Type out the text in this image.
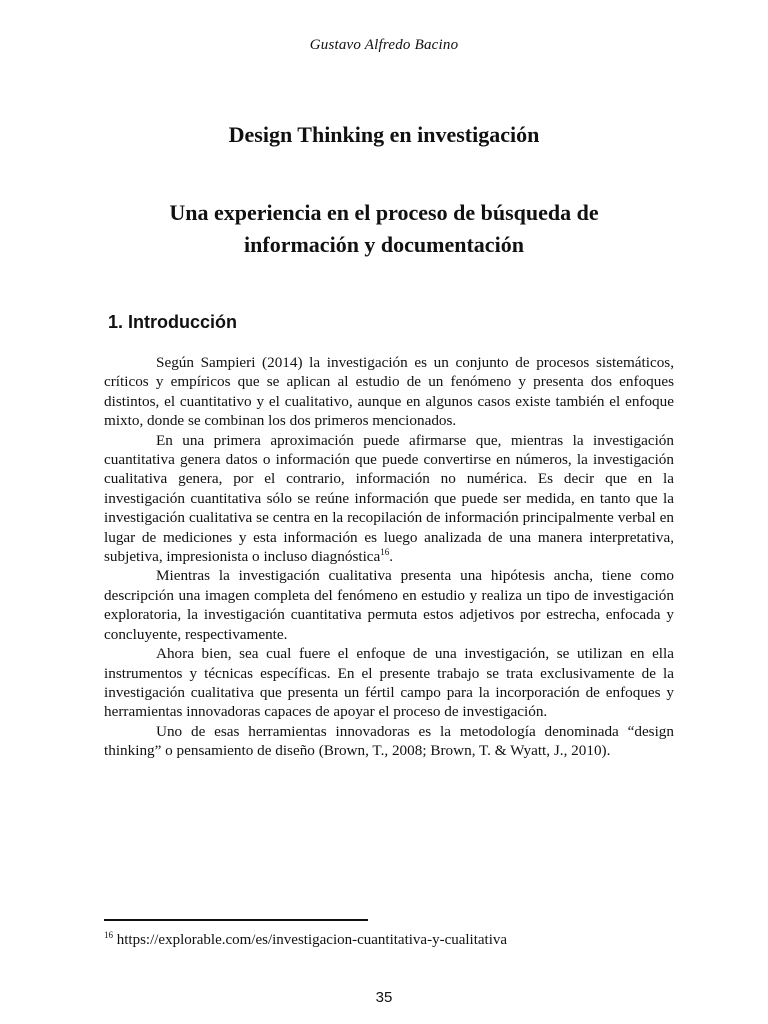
Gustavo Alfredo Bacino
Design Thinking en investigación
Una experiencia en el proceso de búsqueda de
información y documentación
1. Introducción

Según Sampieri (2014) la investigación es un conjunto de procesos sistemáticos, críticos y empíricos que se aplican al estudio de un fenómeno y presenta dos enfoques distintos, el cuantitativo y el cualitativo, aunque en algunos casos existe también el enfoque mixto, donde se combinan los dos primeros mencionados.

En una primera aproximación puede afirmarse que, mientras la investigación cuantitativa genera datos o información que puede convertirse en números, la investigación cualitativa genera, por el contrario, información no numérica. Es decir que en la investigación cuantitativa sólo se reúne información que puede ser medida, en tanto que la investigación cualitativa se centra en la recopilación de información principalmente verbal en lugar de mediciones y esta información es luego analizada de una manera interpretativa, subjetiva, impresionista o incluso diagnóstica$^{16}$.

Mientras la investigación cualitativa presenta una hipótesis ancha, tiene como descripción una imagen completa del fenómeno en estudio y realiza un tipo de investigación exploratoria, la investigación cuantitativa permuta estos adjetivos por estrecha, enfocada y concluyente, respectivamente.

Ahora bien, sea cual fuere el enfoque de una investigación, se utilizan en ella instrumentos y técnicas específicas. En el presente trabajo se trata exclusivamente de la investigación cualitativa que presenta un fértil campo para la incorporación de enfoques y herramientas innovadoras capaces de apoyar el proceso de investigación.

Uno de esas herramientas innovadoras es la metodología denominada “design thinking” o pensamiento de diseño (Brown, T., 2008; Brown, T. & Wyatt, J., 2010).

$^{16}$ https://explorable.com/es/investigacion-cuantitativa-y-cualitativa
35
